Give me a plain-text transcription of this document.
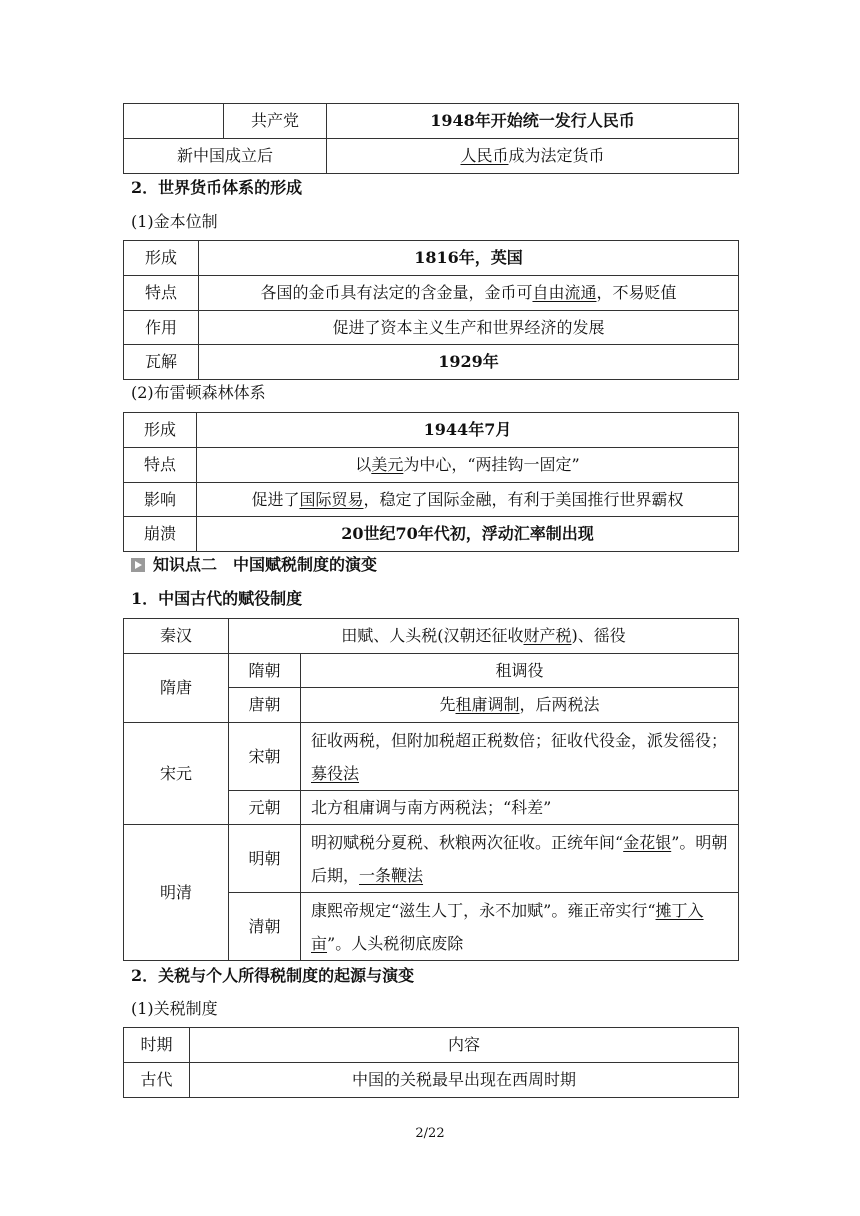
	共产党	1948年开始统一发行人民币
新中国成立后		人民币成为法定货币
2．世界货币体系的形成
(1)金本位制
形成	1816年，英国
特点	各国的金币具有法定的含金量，金币可自由流通，不易贬值
作用	促进了资本主义生产和世界经济的发展
瓦解	1929年
(2)布雷顿森林体系
形成	1944年7月
特点	以美元为中心，“两挂钩一固定”
影响	促进了国际贸易，稳定了国际金融，有利于美国推行世界霸权
崩溃	20世纪70年代初，浮动汇率制出现
知识点二　中国赋税制度的演变
1．中国古代的赋役制度
秦汉	田赋、人头税(汉朝还征收财产税)、徭役	
隋唐	隋朝	租调役
	唐朝	先租庸调制，后两税法
宋元	宋朝	征收两税，但附加税超正税数倍；征收代役金，派发徭役；募役法
	元朝	北方租庸调与南方两税法；“科差”
明清	明朝	明初赋税分夏税、秋粮两次征收。正统年间“金花银”。明朝后期，一条鞭法
	清朝	康熙帝规定“滋生人丁，永不加赋”。雍正帝实行“摊丁入亩”。人头税彻底废除
2．关税与个人所得税制度的起源与演变
(1)关税制度
时期	内容
古代	中国的关税最早出现在西周时期
2/22
